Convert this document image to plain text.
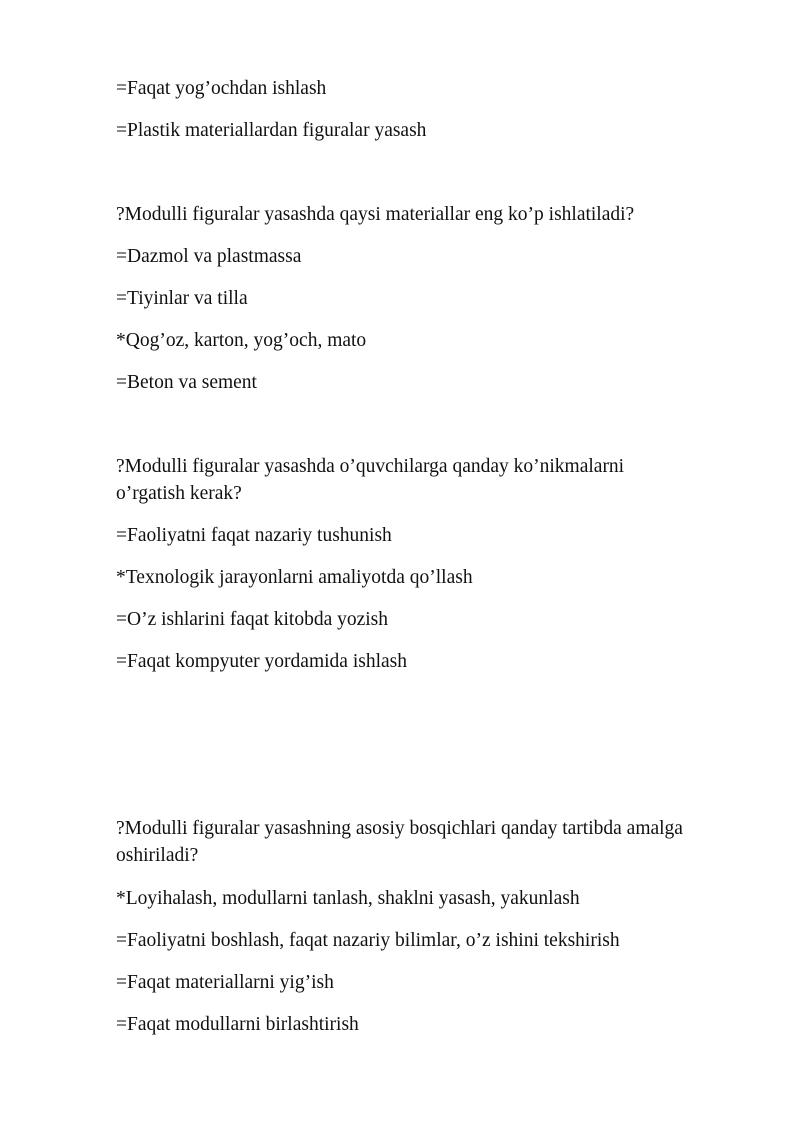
=Faqat yog’ochdan ishlash
=Plastik materiallardan figuralar yasash
?Modulli figuralar yasashda qaysi materiallar eng ko’p ishlatiladi?
=Dazmol va plastmassa
=Tiyinlar va tilla
*Qog’oz, karton, yog’och, mato
=Beton va sement
?Modulli figuralar yasashda o’quvchilarga qanday ko’nikmalarni o’rgatish kerak?
=Faoliyatni faqat nazariy tushunish
*Texnologik jarayonlarni amaliyotda qo’llash
=O’z ishlarini faqat kitobda yozish
=Faqat kompyuter yordamida ishlash
?Modulli figuralar yasashning asosiy bosqichlari qanday tartibda amalga oshiriladi?
*Loyihalash, modullarni tanlash, shaklni yasash, yakunlash
=Faoliyatni boshlash, faqat nazariy bilimlar, o’z ishini tekshirish
=Faqat materiallarni yig’ish
=Faqat modullarni birlashtirish
